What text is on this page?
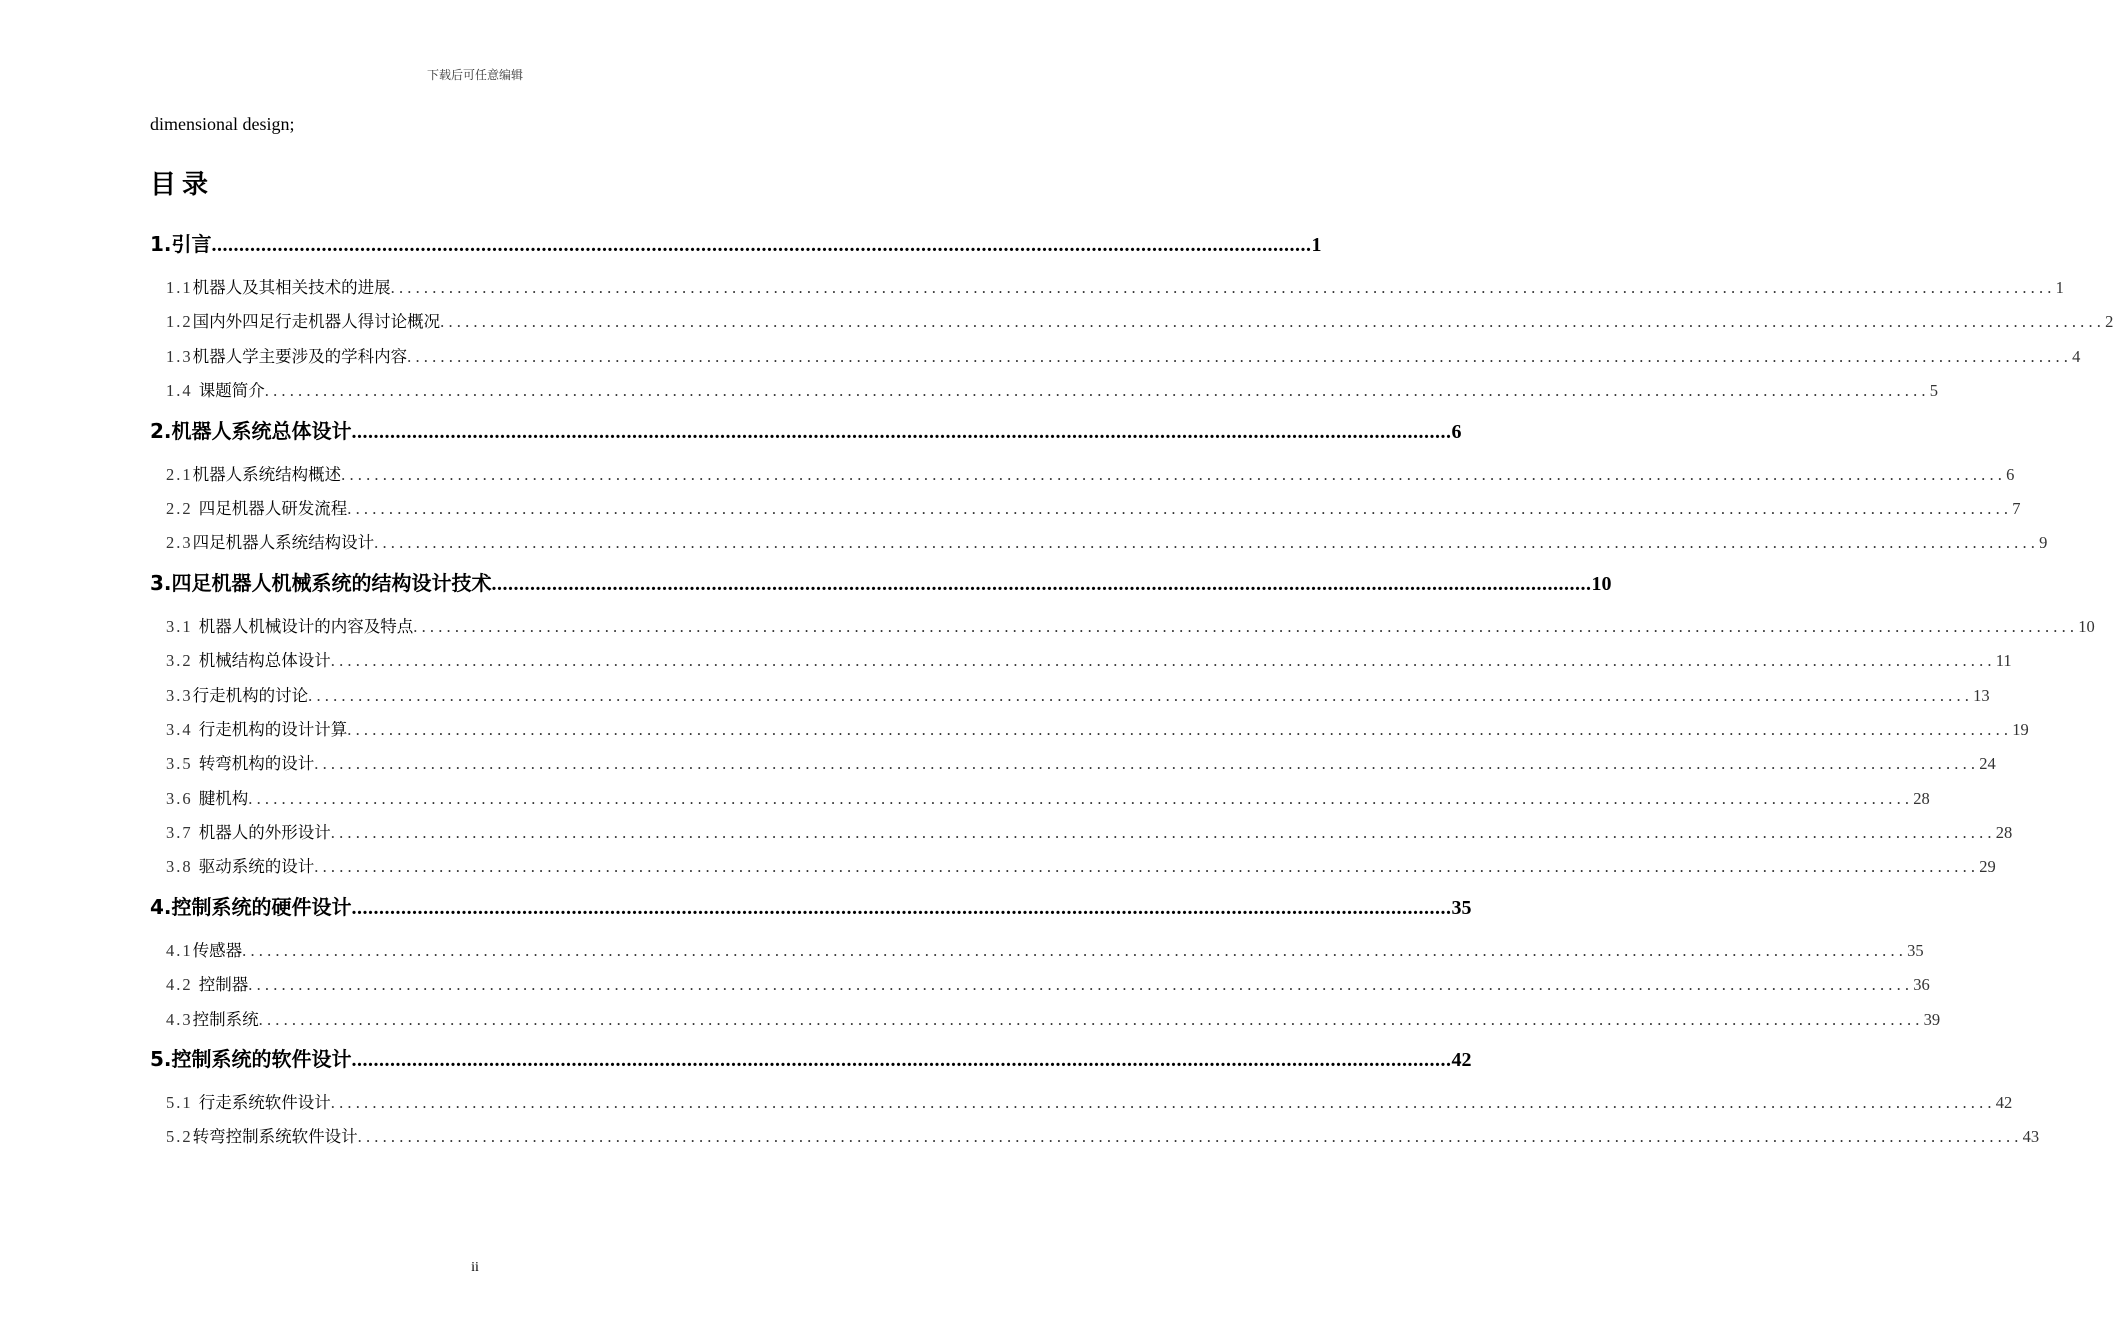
下载后可任意编辑
dimensional design;
目录
1.引言 ........................................................................................................................................................................................................ 1
1.1机器人及其相关技术的进展 ........................................................................................................................................................................................................ 1
1.2国内外四足行走机器人得讨论概况 ........................................................................................................................................................................................................ 2
1.3机器人学主要涉及的学科内容 ........................................................................................................................................................................................................ 4
1.4 课题简介 ........................................................................................................................................................................................................ 5
2.机器人系统总体设计 ........................................................................................................................................................................................................ 6
2.1机器人系统结构概述 ........................................................................................................................................................................................................ 6
2.2 四足机器人研发流程 ........................................................................................................................................................................................................ 7
2.3四足机器人系统结构设计 ........................................................................................................................................................................................................ 9
3.四足机器人机械系统的结构设计技术 ........................................................................................................................................................................................................ 10
3.1 机器人机械设计的内容及特点 ........................................................................................................................................................................................................ 10
3.2 机械结构总体设计 ........................................................................................................................................................................................................ 11
3.3行走机构的讨论 ........................................................................................................................................................................................................ 13
3.4 行走机构的设计计算 ........................................................................................................................................................................................................ 19
3.5 转弯机构的设计 ........................................................................................................................................................................................................ 24
3.6 腱机构 ........................................................................................................................................................................................................ 28
3.7 机器人的外形设计 ........................................................................................................................................................................................................ 28
3.8 驱动系统的设计 ........................................................................................................................................................................................................ 29
4.控制系统的硬件设计 ........................................................................................................................................................................................................ 35
4.1传感器 ........................................................................................................................................................................................................ 35
4.2 控制器 ........................................................................................................................................................................................................ 36
4.3控制系统 ........................................................................................................................................................................................................ 39
5.控制系统的软件设计 ........................................................................................................................................................................................................ 42
5.1 行走系统软件设计 ........................................................................................................................................................................................................ 42
5.2转弯控制系统软件设计 ........................................................................................................................................................................................................ 43
ii
